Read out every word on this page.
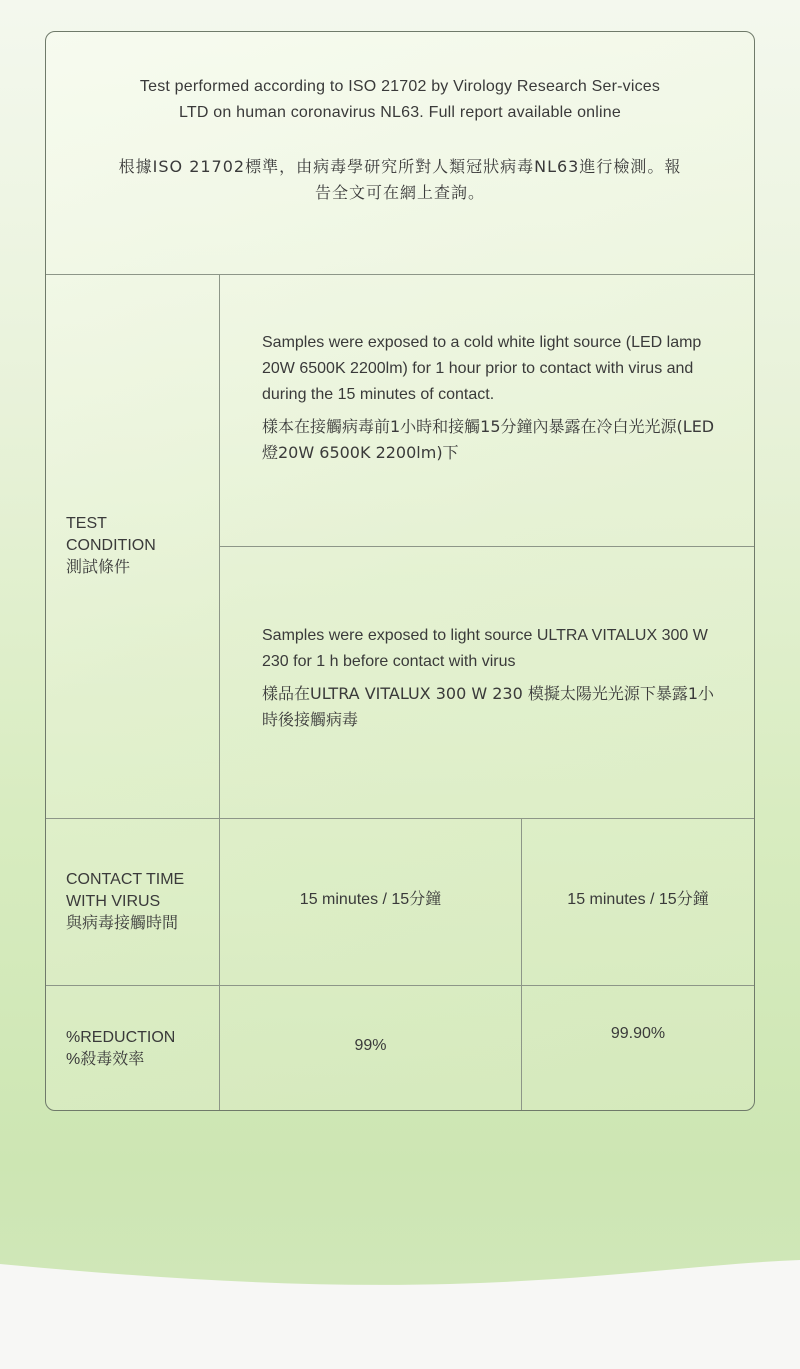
Test performed according to ISO 21702 by Virology Research Ser-vices LTD on human coronavirus NL63. Full report available online
根據ISO 21702標準，由病毒學研究所對人類冠狀病毒NL63進行檢測。報告全文可在網上查詢。
TEST
CONDITION
測試條件
Samples were exposed to a cold white light source (LED lamp 20W 6500K 2200lm) for 1 hour prior to contact with virus and during the 15 minutes of contact.
樣本在接觸病毒前1小時和接觸15分鐘內暴露在冷白光光源(LED燈20W 6500K 2200lm)下
Samples were exposed to light source ULTRA VITALUX 300 W 230 for 1 h before contact with virus
樣品在ULTRA VITALUX 300 W 230 模擬太陽光光源下暴露1小時後接觸病毒
CONTACT TIME
WITH VIRUS
與病毒接觸時間
15 minutes / 15分鐘	15 minutes / 15分鐘
%REDUCTION
%殺毒效率
99%
99.90%
